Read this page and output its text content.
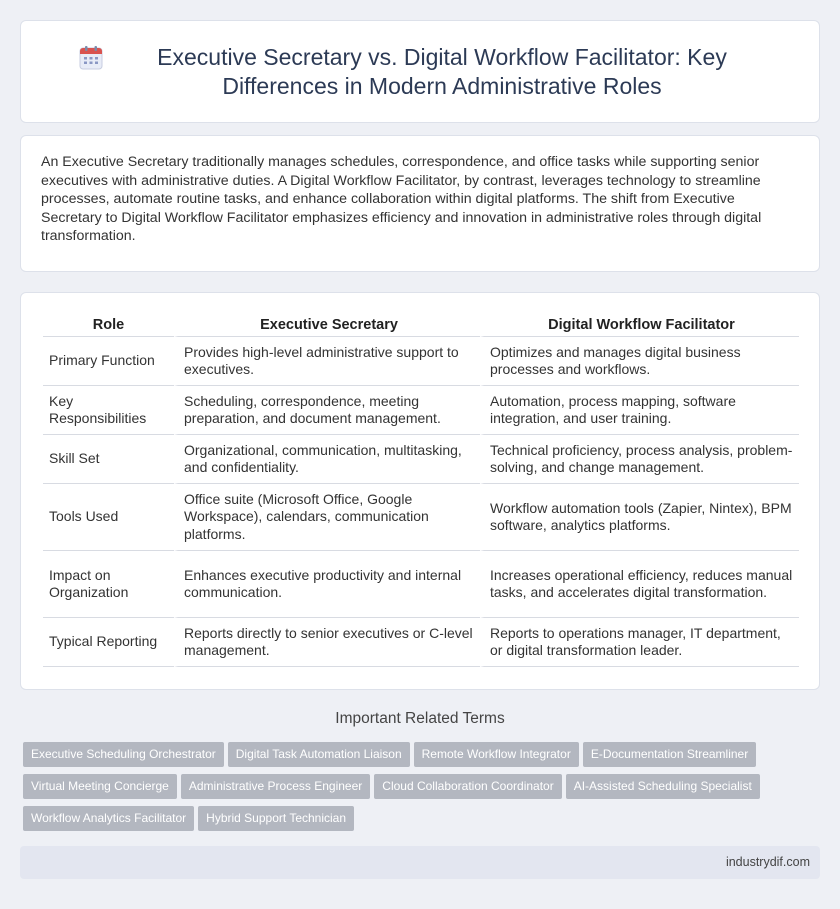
Executive Secretary vs. Digital Workflow Facilitator: Key Differences in Modern Administrative Roles

An Executive Secretary traditionally manages schedules, correspondence, and office tasks while supporting senior executives with administrative duties. A Digital Workflow Facilitator, by contrast, leverages technology to streamline processes, automate routine tasks, and enhance collaboration within digital platforms. The shift from Executive Secretary to Digital Workflow Facilitator emphasizes efficiency and innovation in administrative roles through digital transformation.

Role	Executive Secretary	Digital Workflow Facilitator
Primary Function	Provides high-level administrative support to executives.	Optimizes and manages digital business processes and workflows.
Key Responsibilities	Scheduling, correspondence, meeting preparation, and document management.	Automation, process mapping, software integration, and user training.
Skill Set	Organizational, communication, multitasking, and confidentiality.	Technical proficiency, process analysis, problem-solving, and change management.
Tools Used	Office suite (Microsoft Office, Google Workspace), calendars, communication platforms.	Workflow automation tools (Zapier, Nintex), BPM software, analytics platforms.
Impact on Organization	Enhances executive productivity and internal communication.	Increases operational efficiency, reduces manual tasks, and accelerates digital transformation.
Typical Reporting	Reports directly to senior executives or C-level management.	Reports to operations manager, IT department, or digital transformation leader.
Important Related Terms
Executive Scheduling Orchestrator Digital Task Automation Liaison Remote Workflow Integrator E-Documentation Streamliner
Virtual Meeting Concierge Administrative Process Engineer Cloud Collaboration Coordinator AI-Assisted Scheduling Specialist
Workflow Analytics Facilitator Hybrid Support Technician
industrydif.com
